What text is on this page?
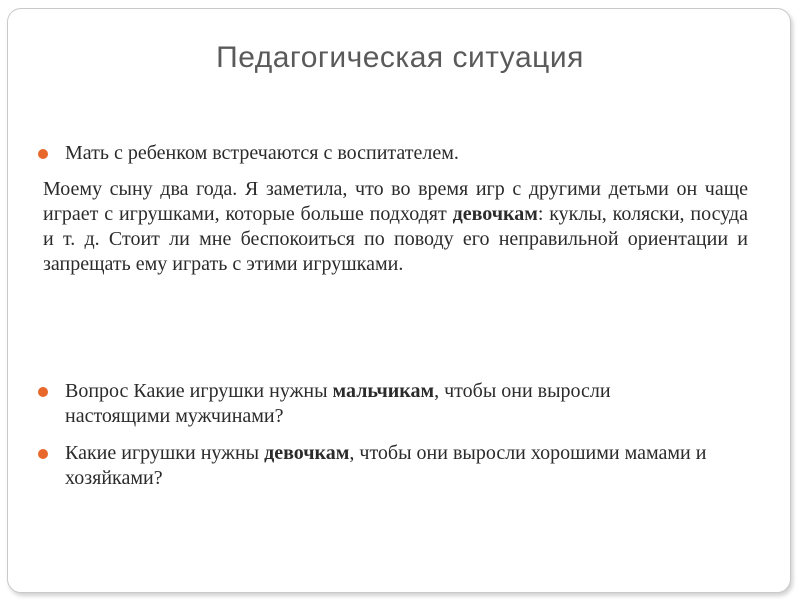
Педагогическая ситуация
Мать с ребенком встречаются с воспитателем.

Моему сыну два года. Я заметила, что во время игр с другими детьми он чаще играет с игрушками, которые больше подходят девочкам: куклы, коляски, посуда и т. д. Стоит ли мне беспокоиться по поводу его неправильной ориентации и запрещать ему играть с этими игрушками.

Вопрос Какие игрушки нужны мальчикам, чтобы они выросли настоящими мужчинами?
Какие игрушки нужны девочкам, чтобы они выросли хорошими мамами и хозяйками?
